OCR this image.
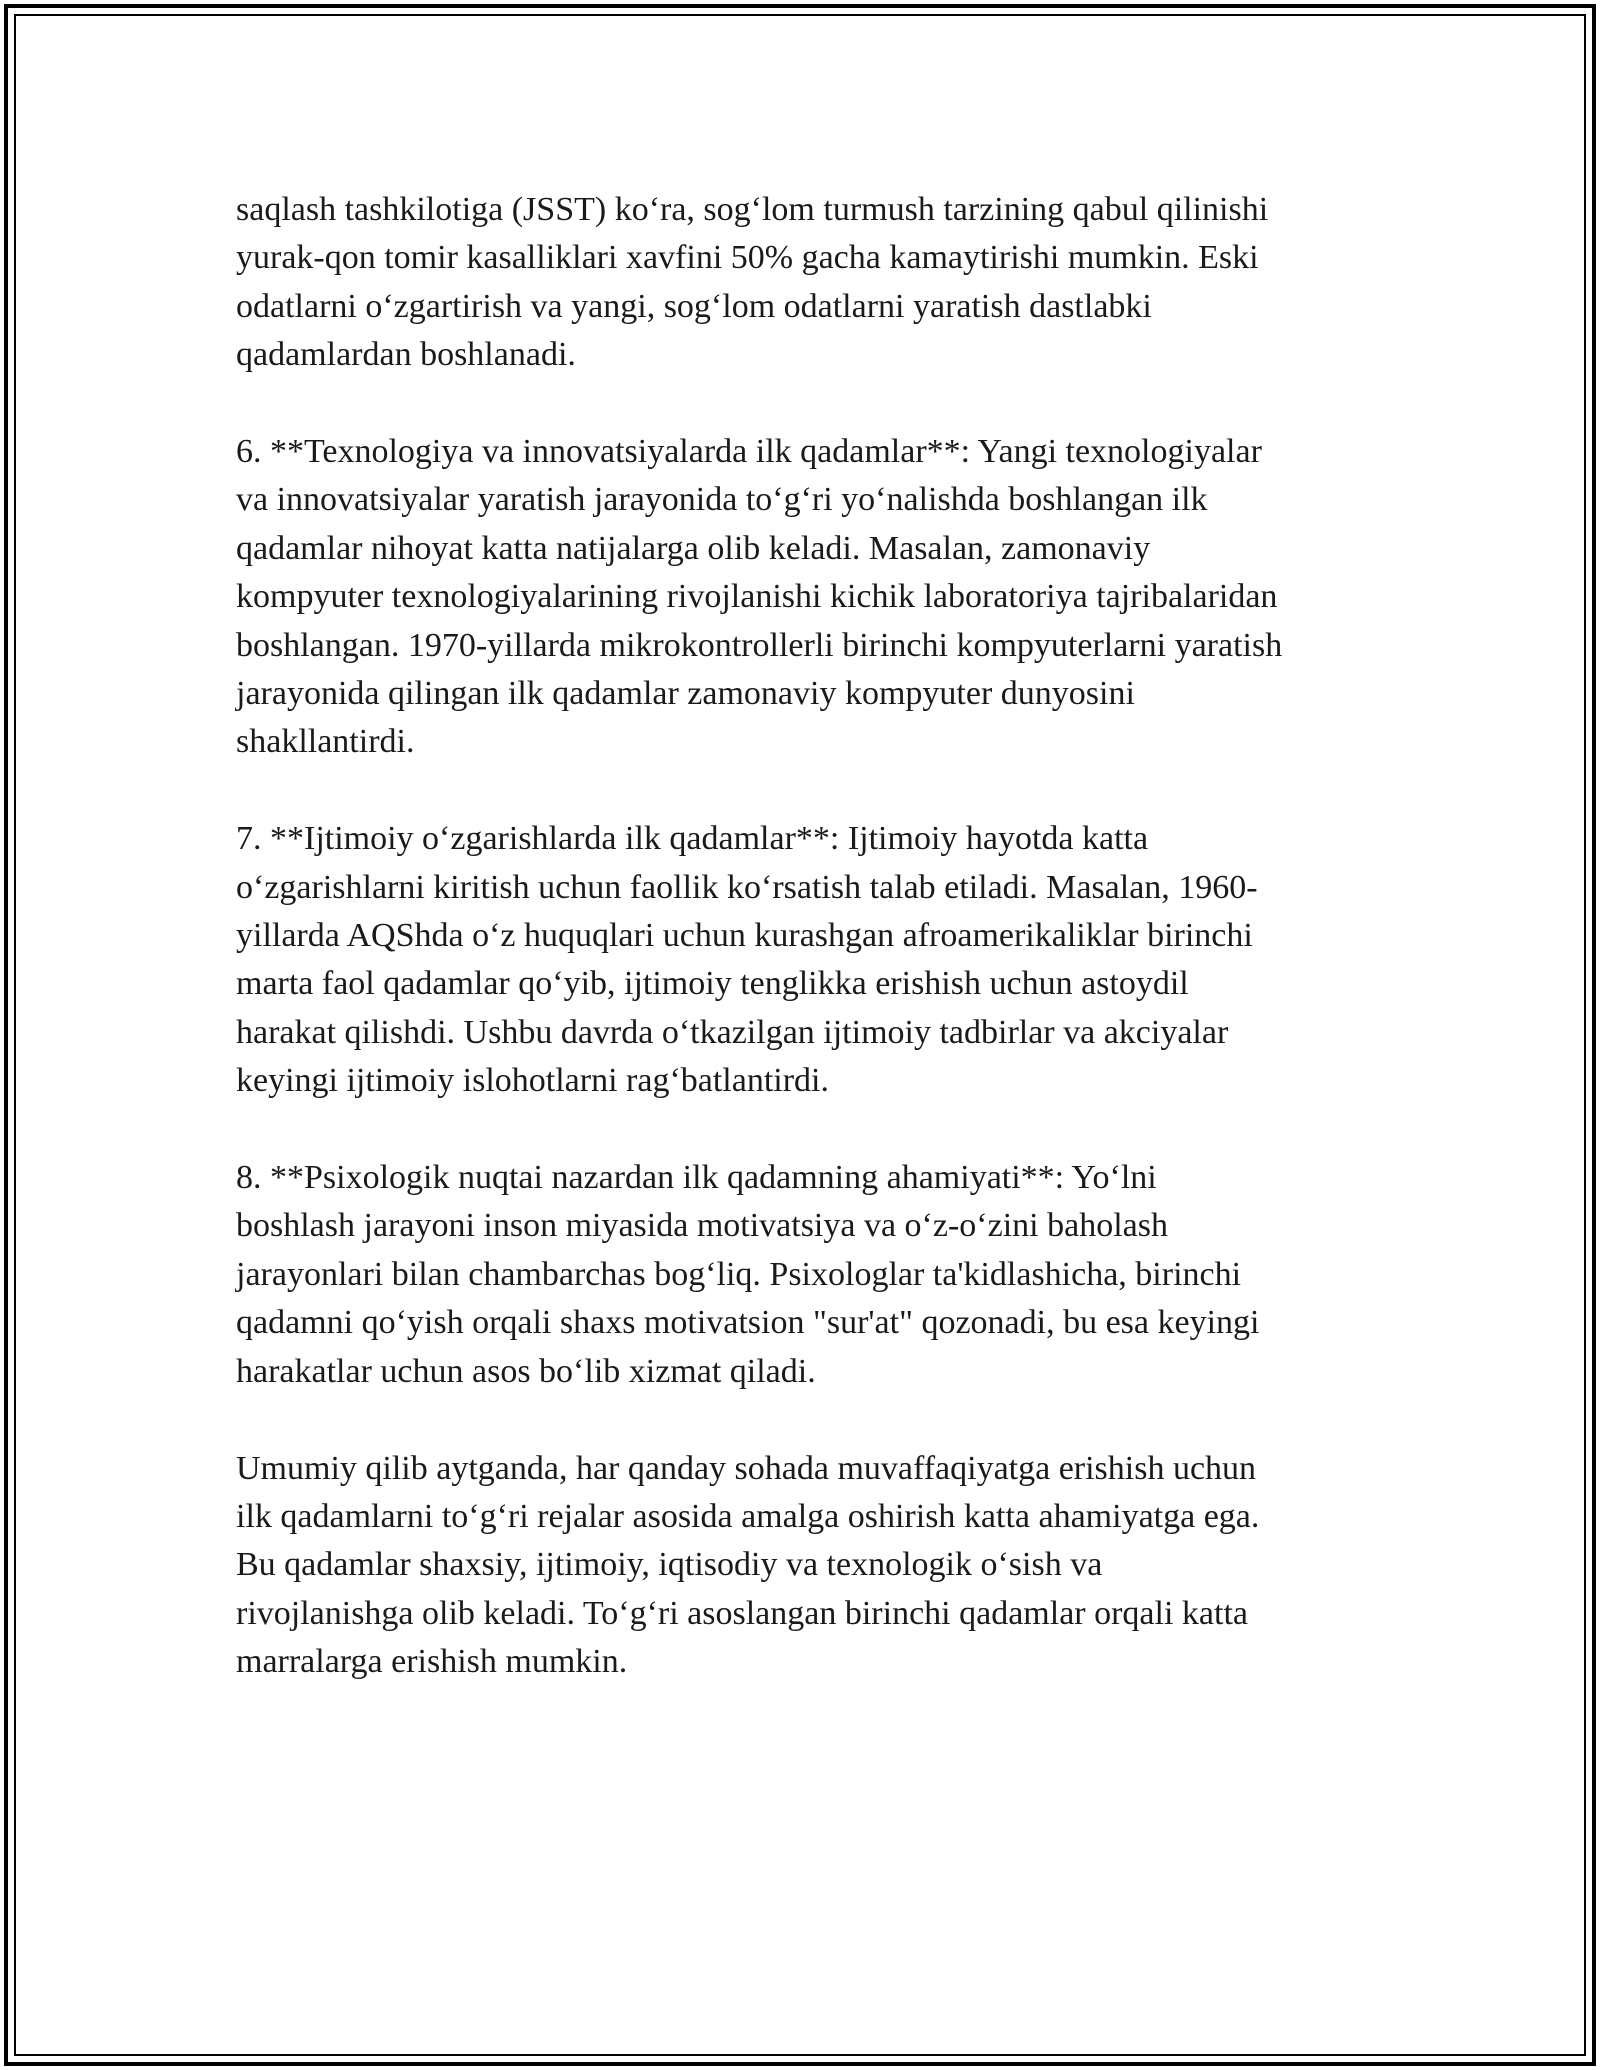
saqlash tashkilotiga (JSST) ko‘ra, sog‘lom turmush tarzining qabul qilinishi
yurak-qon tomir kasalliklari xavfini 50% gacha kamaytirishi mumkin. Eski
odatlarni o‘zgartirish va yangi, sog‘lom odatlarni yaratish dastlabki
qadamlardan boshlanadi.

6. **Texnologiya va innovatsiyalarda ilk qadamlar**: Yangi texnologiyalar
va innovatsiyalar yaratish jarayonida to‘g‘ri yo‘nalishda boshlangan ilk
qadamlar nihoyat katta natijalarga olib keladi. Masalan, zamonaviy
kompyuter texnologiyalarining rivojlanishi kichik laboratoriya tajribalaridan
boshlangan. 1970-yillarda mikrokontrollerli birinchi kompyuterlarni yaratish
jarayonida qilingan ilk qadamlar zamonaviy kompyuter dunyosini
shakllantirdi.

7. **Ijtimoiy o‘zgarishlarda ilk qadamlar**: Ijtimoiy hayotda katta
o‘zgarishlarni kiritish uchun faollik ko‘rsatish talab etiladi. Masalan, 1960-
yillarda AQShda o‘z huquqlari uchun kurashgan afroamerikaliklar birinchi
marta faol qadamlar qo‘yib, ijtimoiy tenglikka erishish uchun astoydil
harakat qilishdi. Ushbu davrda o‘tkazilgan ijtimoiy tadbirlar va akciyalar
keyingi ijtimoiy islohotlarni rag‘batlantirdi.

8. **Psixologik nuqtai nazardan ilk qadamning ahamiyati**: Yo‘lni
boshlash jarayoni inson miyasida motivatsiya va o‘z-o‘zini baholash
jarayonlari bilan chambarchas bog‘liq. Psixologlar ta'kidlashicha, birinchi
qadamni qo‘yish orqali shaxs motivatsion "sur'at" qozonadi, bu esa keyingi
harakatlar uchun asos bo‘lib xizmat qiladi.

Umumiy qilib aytganda, har qanday sohada muvaffaqiyatga erishish uchun
ilk qadamlarni to‘g‘ri rejalar asosida amalga oshirish katta ahamiyatga ega.
Bu qadamlar shaxsiy, ijtimoiy, iqtisodiy va texnologik o‘sish va
rivojlanishga olib keladi. To‘g‘ri asoslangan birinchi qadamlar orqali katta
marralarga erishish mumkin.
